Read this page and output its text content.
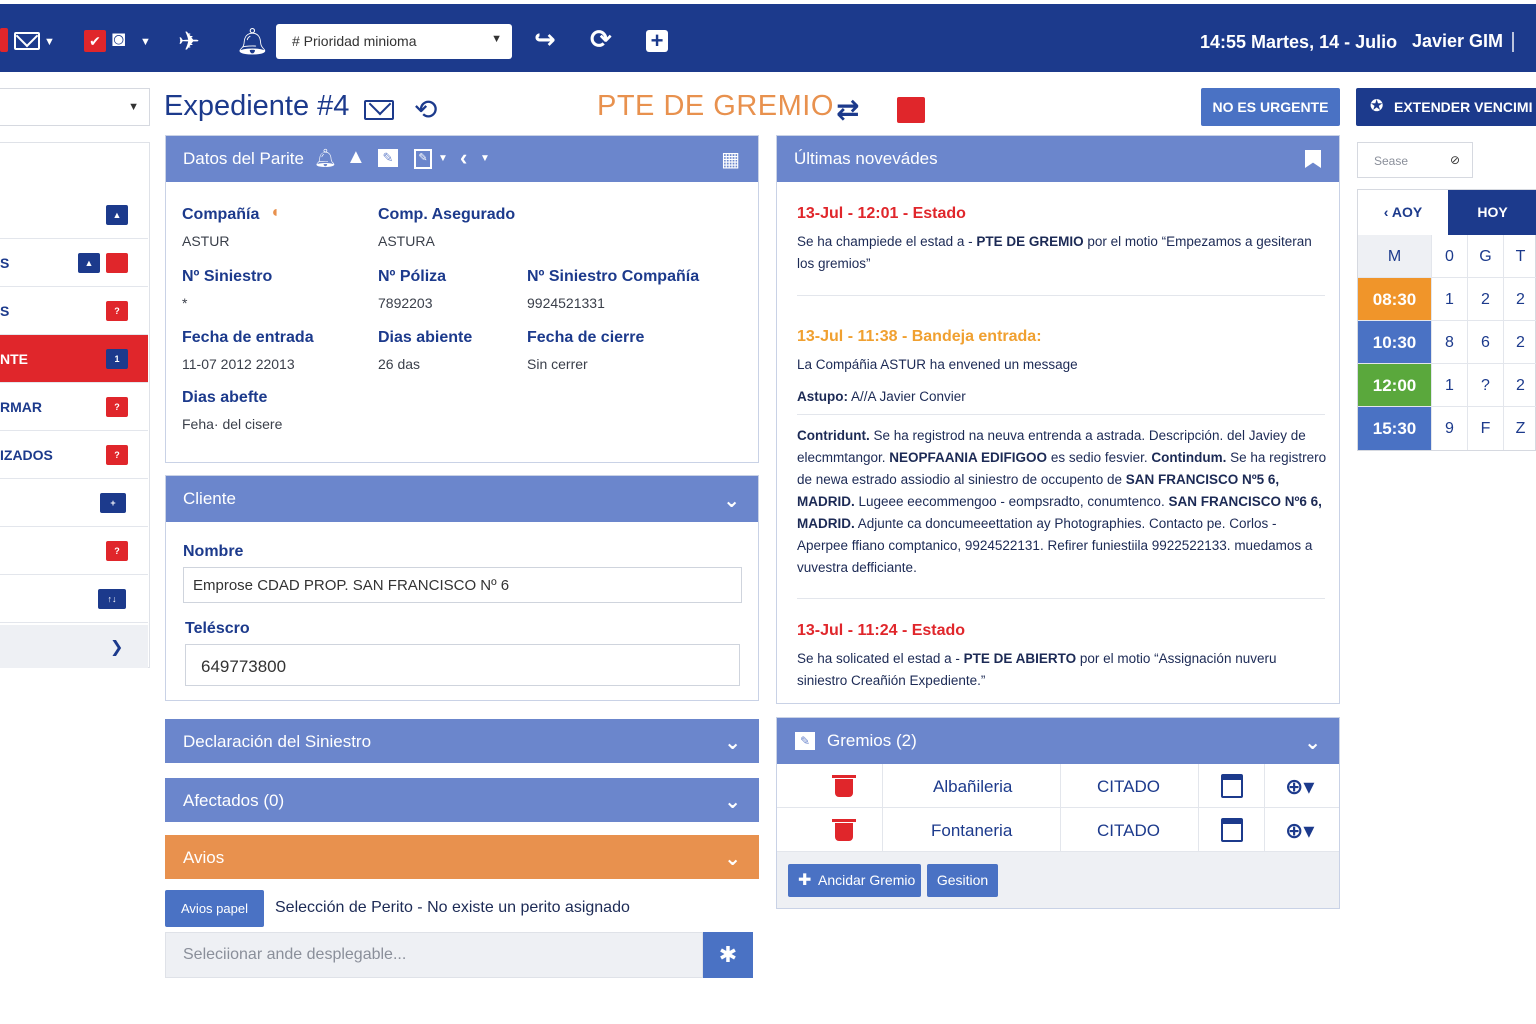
▼	✔ ◙ ▼ ✈ 🔔︎	# Prioridad minioma	▼ ↪ ⟳ +	14:55 Martes, 14 - Julio Javier GIM
▼
▲
S	▲
S	?
NTE	1
RMAR	?
IZADOS	?
+
?
↑↓
❯
Expediente #4 ⟲	PTE DE GREMIO ⇄	NO ES URGENTE	✪ EXTENDER VENCIMI
Datos del Parite 🔔︎ ▲	✎	✎	▼ ‹ ▼	▦
Compañía ◖
ASTUR
Comp. Asegurado
ASTURA
Nº Siniestro
*
Nº Póliza
7892203
Nº Siniestro Compañía
9924521331
Fecha de entrada
11-07 2012 22013
Dias abiente
26 das
Fecha de cierre
Sin cerrer
Dias abefte
Feha· del cisere
Cliente	⌄
Nombre
Emprose CDAD PROP. SAN FRANCISCO Nº 6
Teléscro
649773800
Declaración del Siniestro	⌄
Afectados (0)	⌄
Avios	⌄
Avios papel	Selección de Perito - No existe un perito asignado
Seleciionar ande desplegable...	✱
Últimas novevádes
13-Jul - 12:01 - Estado
Se ha champiede el estad a - PTE DE GREMIO por el motio “Empezamos a gesiteran los gremios”
13-Jul - 11:38 - Bandeja entrada:
La Compáñia ASTUR ha envened un message
Astupo: A//A Javier Convier
Contridunt. Se ha registrod na neuva entrenda a astrada. Descripción. del Javiey de elecmmtangor. NEOPFAANIA EDIFIGOO es sedio fesvier. Contindum. Se ha registrero de newa estrado assiodio al siniestro de occupento de SAN FRANCISCO Nº5 6, MADRID. Lugeee eecommengoo - eompsradto, conumtenco. SAN FRANCISCO Nº6 6, MADRID. Adjunte ca doncumeeettation ay Photographies. Contacto pe. Corlos - Aperpee ffiano comptanico, 9924522131. Refirer funiestiila 9922522133. muedamos a vuvestra defficiante.
13-Jul - 11:24 - Estado
Se ha solicated el estad a - PTE DE ABIERTO por el motio “Assignación nuveru siniestro Creañión Expediente.”
✎ Gremios (2)	⌄
Albañileria	CITADO	⊕▾
Fontaneria	CITADO	⊕▾
✚ Ancidar Gremio	Gesition
Sease	⊘
‹ AOY	HOY
M	0	G	T
08:30	1	2	2
10:30	8	6	2
12:00	1	?	2
15:30	9	F	Z
